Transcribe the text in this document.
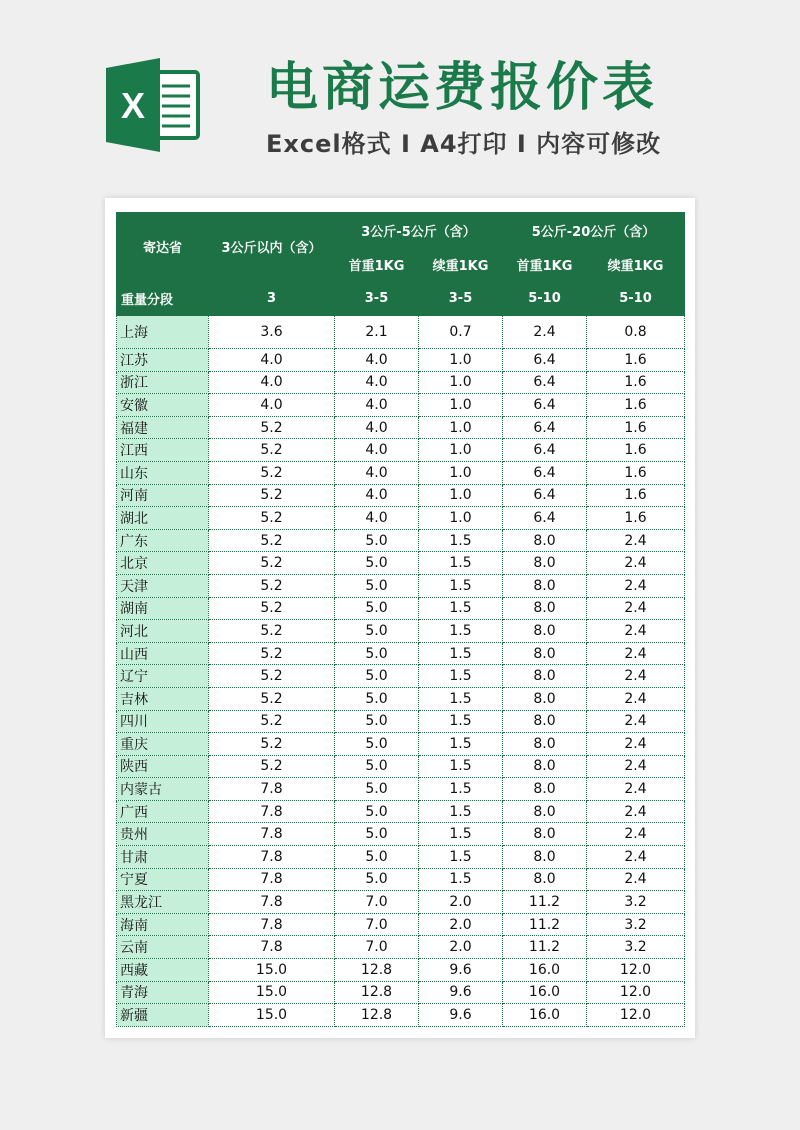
X 电商运费报价表
Excel格式 I A4打印 I 内容可修改
寄达省	3公斤以内（含）	3公斤-5公斤（含）		5公斤-20公斤（含）	
		首重1KG	续重1KG	首重1KG	续重1KG
重量分段	3	3-5	3-5	5-10	5-10
上海	3.6	2.1	0.7	2.4	0.8
江苏	4.0	4.0	1.0	6.4	1.6
浙江	4.0	4.0	1.0	6.4	1.6
安徽	4.0	4.0	1.0	6.4	1.6
福建	5.2	4.0	1.0	6.4	1.6
江西	5.2	4.0	1.0	6.4	1.6
山东	5.2	4.0	1.0	6.4	1.6
河南	5.2	4.0	1.0	6.4	1.6
湖北	5.2	4.0	1.0	6.4	1.6
广东	5.2	5.0	1.5	8.0	2.4
北京	5.2	5.0	1.5	8.0	2.4
天津	5.2	5.0	1.5	8.0	2.4
湖南	5.2	5.0	1.5	8.0	2.4
河北	5.2	5.0	1.5	8.0	2.4
山西	5.2	5.0	1.5	8.0	2.4
辽宁	5.2	5.0	1.5	8.0	2.4
吉林	5.2	5.0	1.5	8.0	2.4
四川	5.2	5.0	1.5	8.0	2.4
重庆	5.2	5.0	1.5	8.0	2.4
陕西	5.2	5.0	1.5	8.0	2.4
内蒙古	7.8	5.0	1.5	8.0	2.4
广西	7.8	5.0	1.5	8.0	2.4
贵州	7.8	5.0	1.5	8.0	2.4
甘肃	7.8	5.0	1.5	8.0	2.4
宁夏	7.8	5.0	1.5	8.0	2.4
黑龙江	7.8	7.0	2.0	11.2	3.2
海南	7.8	7.0	2.0	11.2	3.2
云南	7.8	7.0	2.0	11.2	3.2
西藏	15.0	12.8	9.6	16.0	12.0
青海	15.0	12.8	9.6	16.0	12.0
新疆	15.0	12.8	9.6	16.0	12.0
